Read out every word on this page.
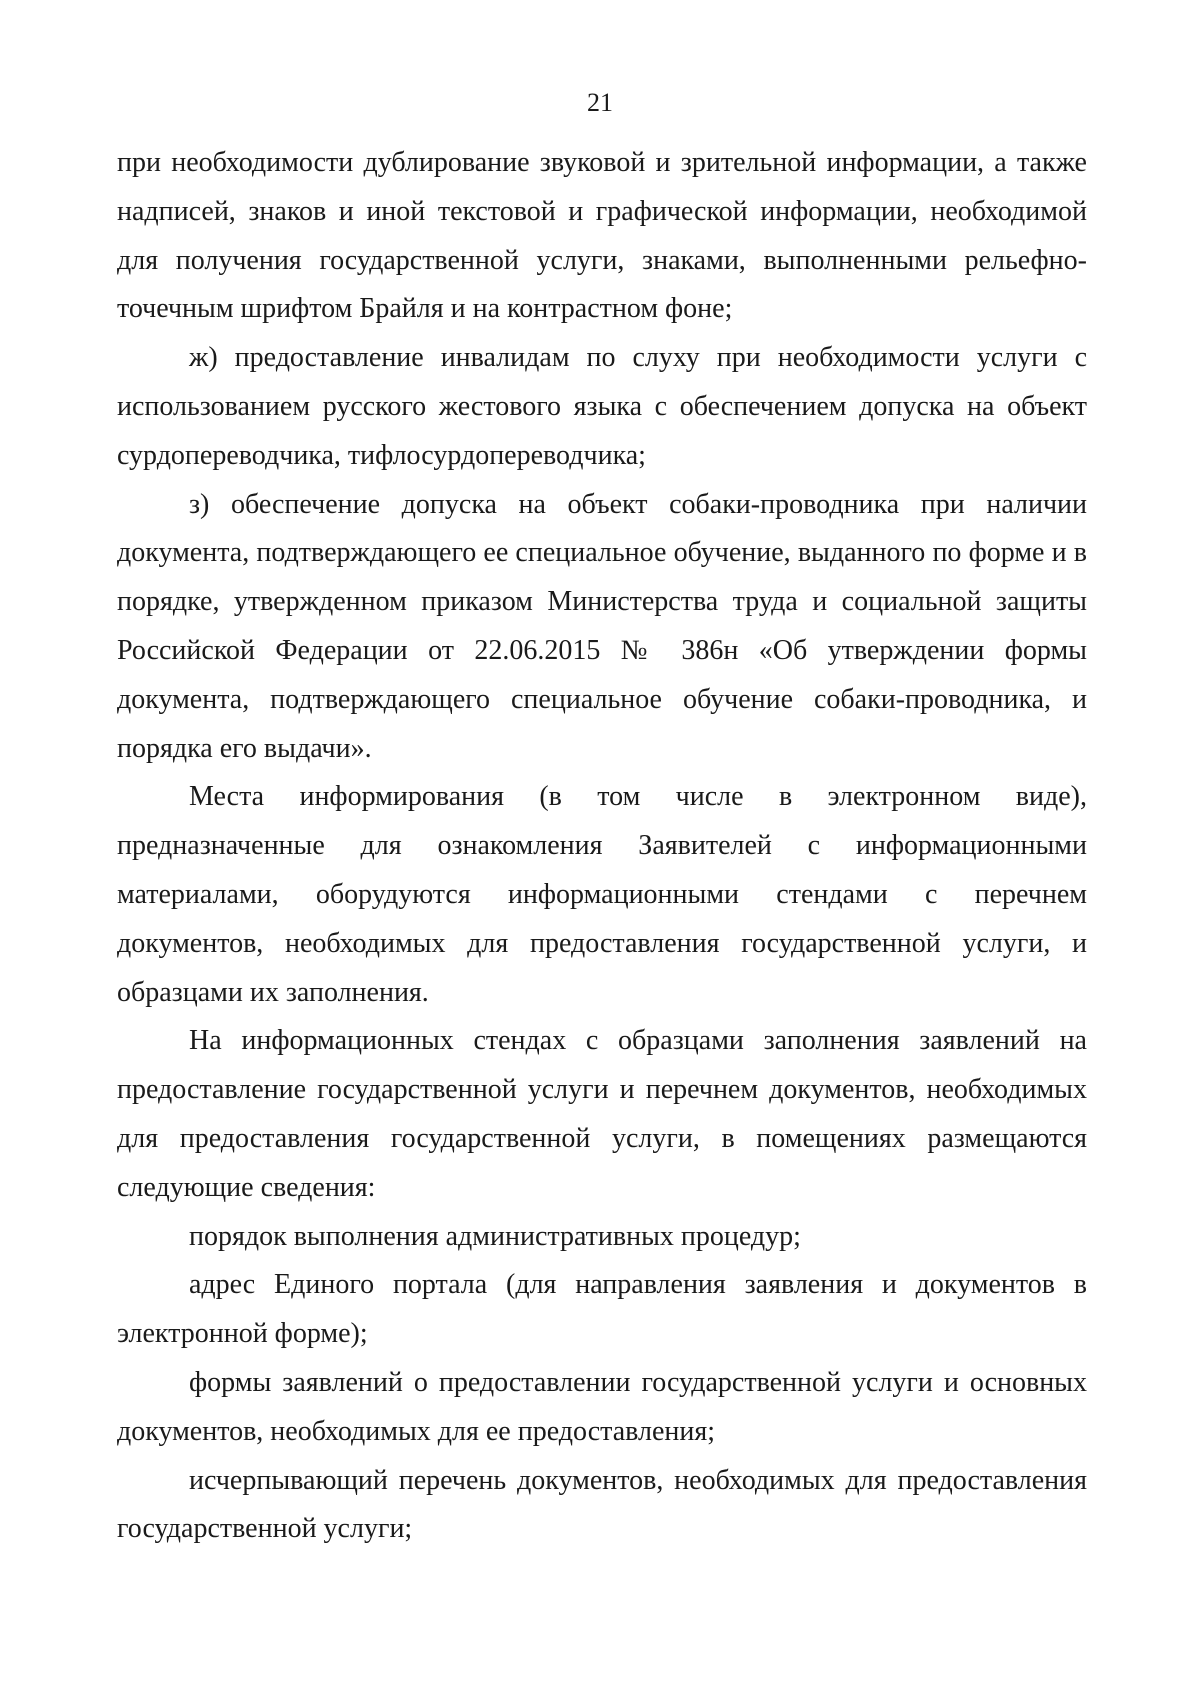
21

при необходимости дублирование звуковой и зрительной информации, а также надписей, знаков и иной текстовой и графической информации, необходимой для получения государственной услуги, знаками, выполненными рельефно-точечным шрифтом Брайля и на контрастном фоне;

ж) предоставление инвалидам по слуху при необходимости услуги с использованием русского жестового языка с обеспечением допуска на объект сурдопереводчика, тифлосурдопереводчика;

з) обеспечение допуска на объект собаки-проводника при наличии документа, подтверждающего ее специальное обучение, выданного по форме и в порядке, утвержденном приказом Министерства труда и социальной защиты Российской Федерации от 22.06.2015 № 386н «Об утверждении формы документа, подтверждающего специальное обучение собаки-проводника, и порядка его выдачи».

Места информирования (в том числе в электронном виде), предназначенные для ознакомления Заявителей с информационными материалами, оборудуются информационными стендами с перечнем документов, необходимых для предоставления государственной услуги, и образцами их заполнения.

На информационных стендах с образцами заполнения заявлений на предоставление государственной услуги и перечнем документов, необходимых для предоставления государственной услуги, в помещениях размещаются следующие сведения:

порядок выполнения административных процедур;

адрес Единого портала (для направления заявления и документов в электронной форме);

формы заявлений о предоставлении государственной услуги и основных документов, необходимых для ее предоставления;

исчерпывающий перечень документов, необходимых для предоставления государственной услуги;
